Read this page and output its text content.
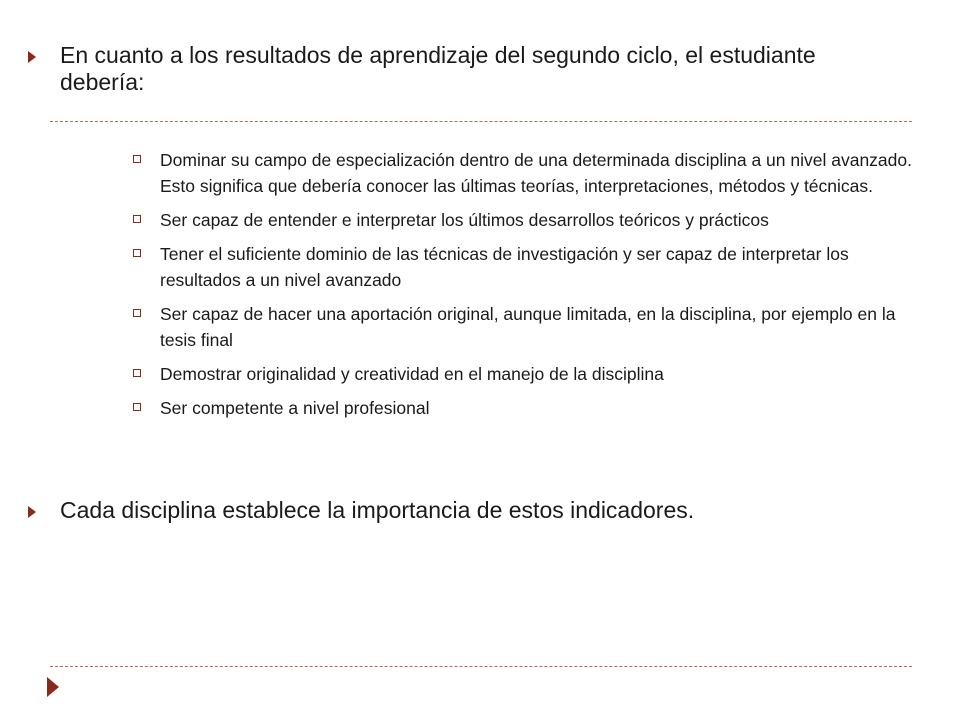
En cuanto a los resultados de aprendizaje del segundo ciclo, el estudiante debería:
Dominar su campo de especialización dentro de una determinada disciplina a un nivel avanzado. Esto significa que debería conocer las últimas teorías, interpretaciones, métodos y técnicas.
Ser capaz de entender e interpretar los últimos desarrollos teóricos y prácticos
Tener el suficiente dominio de las técnicas de investigación y ser capaz de interpretar los resultados a un nivel avanzado
Ser capaz de hacer una aportación original, aunque limitada, en la disciplina, por ejemplo en la tesis final
Demostrar originalidad y creatividad en el manejo de la disciplina
Ser competente a nivel profesional
Cada disciplina establece la importancia de estos indicadores.
